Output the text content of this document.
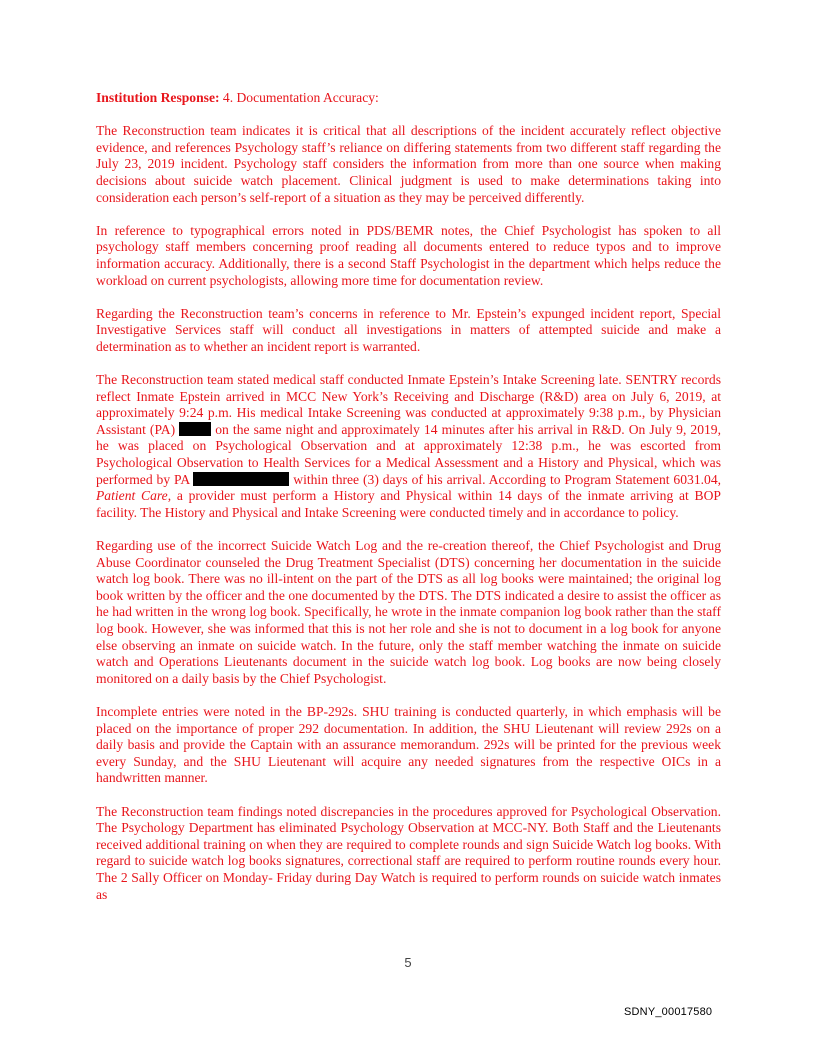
Institution Response: 4. Documentation Accuracy:

The Reconstruction team indicates it is critical that all descriptions of the incident accurately reflect objective evidence, and references Psychology staff’s reliance on differing statements from two different staff regarding the July 23, 2019 incident. Psychology staff considers the information from more than one source when making decisions about suicide watch placement. Clinical judgment is used to make determinations taking into consideration each person’s self-report of a situation as they may be perceived differently.

In reference to typographical errors noted in PDS/BEMR notes, the Chief Psychologist has spoken to all psychology staff members concerning proof reading all documents entered to reduce typos and to improve information accuracy. Additionally, there is a second Staff Psychologist in the department which helps reduce the workload on current psychologists, allowing more time for documentation review.

Regarding the Reconstruction team’s concerns in reference to Mr. Epstein’s expunged incident report, Special Investigative Services staff will conduct all investigations in matters of attempted suicide and make a determination as to whether an incident report is warranted.

The Reconstruction team stated medical staff conducted Inmate Epstein’s Intake Screening late. SENTRY records reflect Inmate Epstein arrived in MCC New York’s Receiving and Discharge (R&D) area on July 6, 2019, at approximately 9:24 p.m. His medical Intake Screening was conducted at approximately 9:38 p.m., by Physician Assistant (PA)  on the same night and approximately 14 minutes after his arrival in R&D. On July 9, 2019, he was placed on Psychological Observation and at approximately 12:38 p.m., he was escorted from Psychological Observation to Health Services for a Medical Assessment and a History and Physical, which was performed by PA	within three (3) days of his arrival. According to Program Statement 6031.04, Patient Care, a provider must perform a History and Physical within 14 days of the inmate arriving at BOP facility. The History and Physical and Intake Screening were conducted timely and in accordance to policy.

Regarding use of the incorrect Suicide Watch Log and the re-creation thereof, the Chief Psychologist and Drug Abuse Coordinator counseled the Drug Treatment Specialist (DTS) concerning her documentation in the suicide watch log book. There was no ill-intent on the part of the DTS as all log books were maintained; the original log book written by the officer and the one documented by the DTS. The DTS indicated a desire to assist the officer as he had written in the wrong log book. Specifically, he wrote in the inmate companion log book rather than the staff log book. However, she was informed that this is not her role and she is not to document in a log book for anyone else observing an inmate on suicide watch. In the future, only the staff member watching the inmate on suicide watch and Operations Lieutenants document in the suicide watch log book. Log books are now being closely monitored on a daily basis by the Chief Psychologist.

Incomplete entries were noted in the BP-292s. SHU training is conducted quarterly, in which emphasis will be placed on the importance of proper 292 documentation. In addition, the SHU Lieutenant will review 292s on a daily basis and provide the Captain with an assurance memorandum. 292s will be printed for the previous week every Sunday, and the SHU Lieutenant will acquire any needed signatures from the respective OICs in a handwritten manner.

The Reconstruction team findings noted discrepancies in the procedures approved for Psychological Observation. The Psychology Department has eliminated Psychology Observation at MCC-NY. Both Staff and the Lieutenants received additional training on when they are required to complete rounds and sign Suicide Watch log books. With regard to suicide watch log books signatures, correctional staff are required to perform routine rounds every hour. The 2 Sally Officer on Monday- Friday during Day Watch is required to perform rounds on suicide watch inmates as

5
SDNY_00017580
